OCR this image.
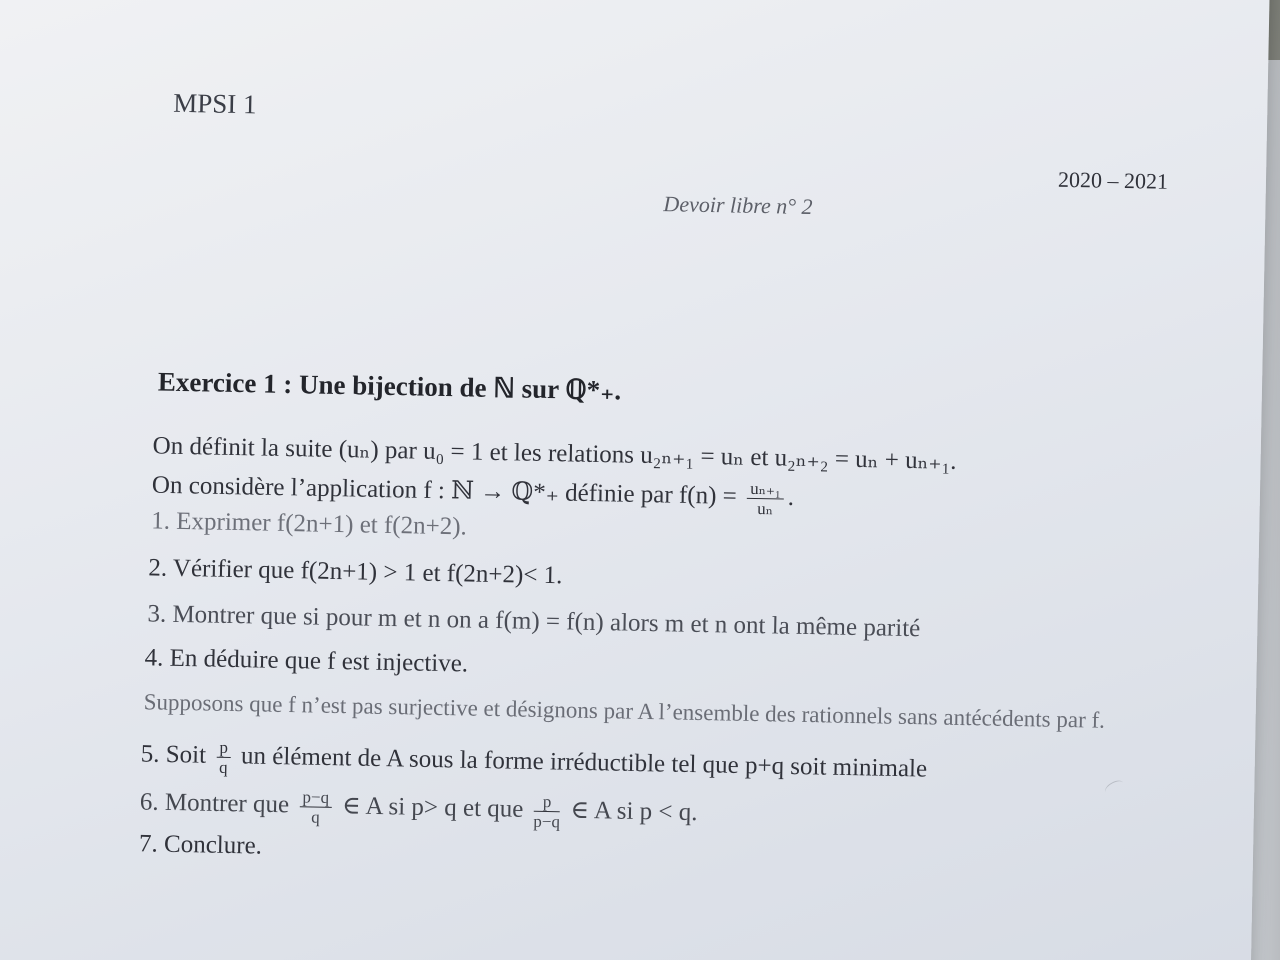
MPSI 1
2020 – 2021
Devoir libre n° 2
Exercice 1 : Une bijection de ℕ sur ℚ*₊.
On définit la suite (uₙ) par u₀ = 1 et les relations u₂ₙ₊₁ = uₙ et u₂ₙ₊₂ = uₙ + uₙ₊₁.
On considère l’application f : ℕ → ℚ*₊ définie par $f(n) = \frac{\text{uₙ₊₁}}{\text{uₙ}}$ .
1. Exprimer f(2n+1) et f(2n+2).
2. Vérifier que f(2n+1) > 1 et f(2n+2)< 1.
3. Montrer que si pour m et n on a f(m) = f(n) alors m et n ont la même parité
4. En déduire que f est injective.
Supposons que f n’est pas surjective et désignons par A l’ensemble des rationnels sans antécédents par f.
5. Soit $\frac{p}{q}$ un élément de A sous la forme irréductible tel que p+q soit minimale
6. Montrer que $\frac{p-q}{q}$ ∈ A si p> q et que $\frac{p}{p-q}$ ∈ A si p < q.
7. Conclure.
